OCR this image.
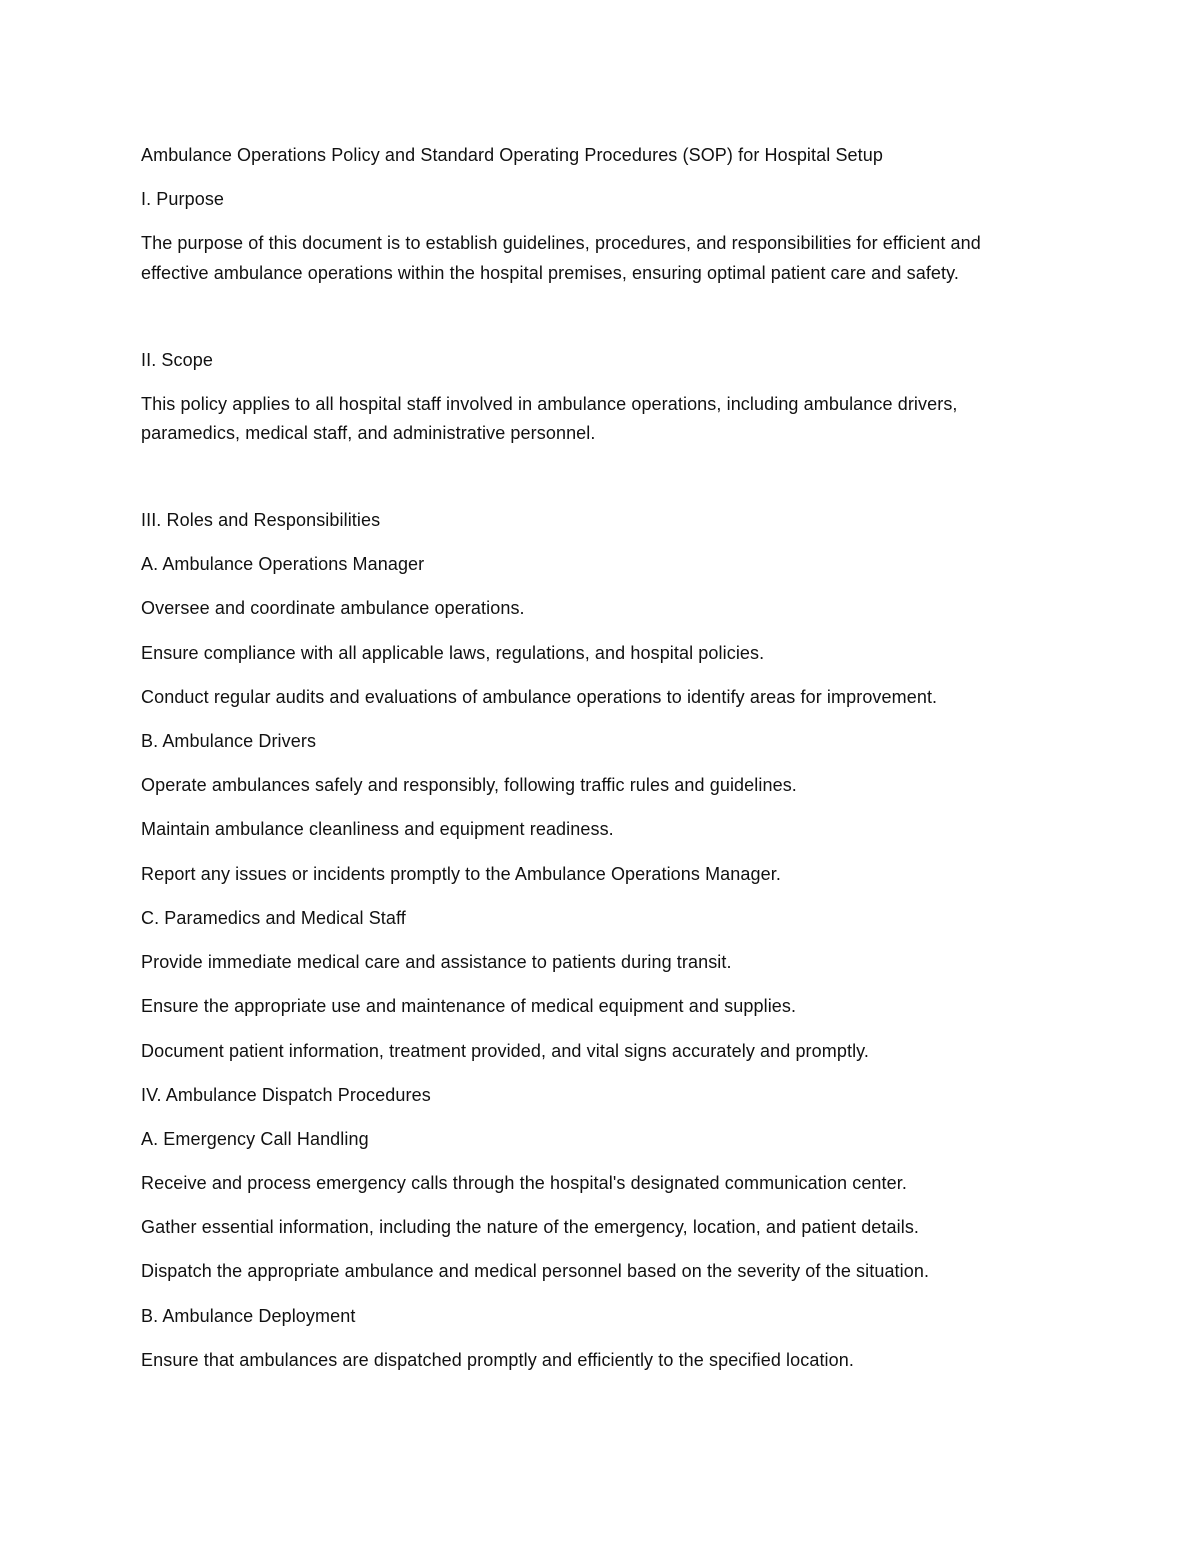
Ambulance Operations Policy and Standard Operating Procedures (SOP) for Hospital Setup
I. Purpose
The purpose of this document is to establish guidelines, procedures, and responsibilities for efficient and
effective ambulance operations within the hospital premises, ensuring optimal patient care and safety.
II. Scope
This policy applies to all hospital staff involved in ambulance operations, including ambulance drivers,
paramedics, medical staff, and administrative personnel.
III. Roles and Responsibilities
A. Ambulance Operations Manager
Oversee and coordinate ambulance operations.
Ensure compliance with all applicable laws, regulations, and hospital policies.
Conduct regular audits and evaluations of ambulance operations to identify areas for improvement.
B. Ambulance Drivers
Operate ambulances safely and responsibly, following traffic rules and guidelines.
Maintain ambulance cleanliness and equipment readiness.
Report any issues or incidents promptly to the Ambulance Operations Manager.
C. Paramedics and Medical Staff
Provide immediate medical care and assistance to patients during transit.
Ensure the appropriate use and maintenance of medical equipment and supplies.
Document patient information, treatment provided, and vital signs accurately and promptly.
IV. Ambulance Dispatch Procedures
A. Emergency Call Handling
Receive and process emergency calls through the hospital's designated communication center.
Gather essential information, including the nature of the emergency, location, and patient details.
Dispatch the appropriate ambulance and medical personnel based on the severity of the situation.
B. Ambulance Deployment
Ensure that ambulances are dispatched promptly and efficiently to the specified location.
